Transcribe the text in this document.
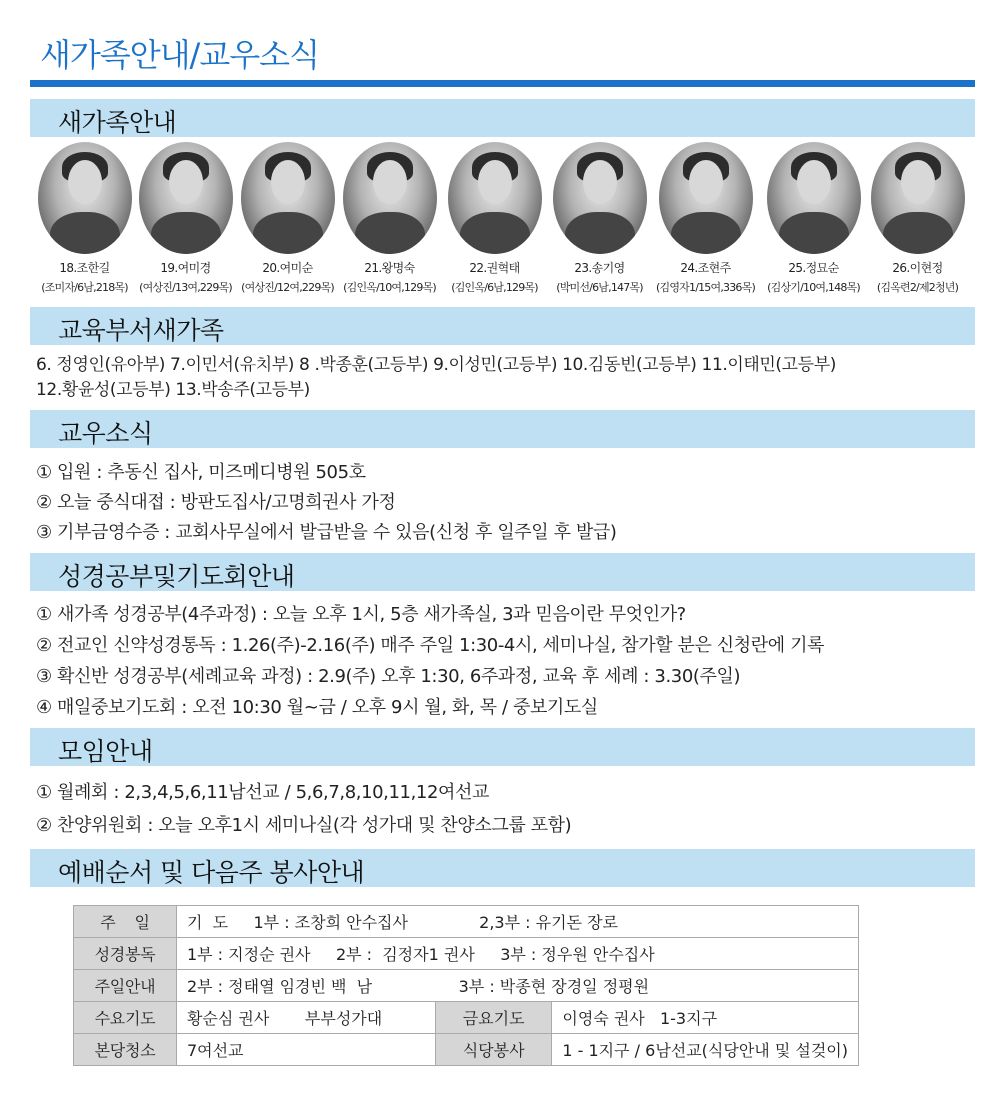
새가족안내/교우소식
새가족안내
18.조한길
(조미자/6남,218목)
19.여미경
(여상진/13여,229목)
20.여미순
(여상진/12여,229목)
21.왕명숙
(김인옥/10여,129목)
22.권혁태
(김인옥/6남,129목)
23.송기영
(박미선/6남,147목)
24.조현주
(김영자1/15여,336목)
25.정묘순
(김상기/10여,148목)
26.이현정
(김옥련2/제2청년)
교육부서새가족
6. 정영인(유아부) 7.이민서(유치부) 8 .박종훈(고등부) 9.이성민(고등부) 10.김동빈(고등부) 11.이태민(고등부)
12.황윤성(고등부) 13.박송주(고등부)
교우소식
① 입원 : 추동신 집사, 미즈메디병원 505호
② 오늘 중식대접 : 방판도집사/고명희권사 가정
③ 기부금영수증 : 교회사무실에서 발급받을 수 있음(신청 후 일주일 후 발급)
성경공부및기도회안내
① 새가족 성경공부(4주과정) : 오늘 오후 1시, 5층 새가족실, 3과 믿음이란 무엇인가?
② 전교인 신약성경통독 : 1.26(주)-2.16(주) 매주 주일 1:30-4시, 세미나실, 참가할 분은 신청란에 기록
③ 확신반 성경공부(세례교육 과정) : 2.9(주) 오후 1:30, 6주과정, 교육 후 세례 : 3.30(주일)
④ 매일중보기도회 : 오전 10:30 월~금 / 오후 9시 월, 화, 목 / 중보기도실
모임안내
① 월례회 : 2,3,4,5,6,11남선교 / 5,6,7,8,10,11,12여선교
② 찬양위원회 : 오늘 오후1시 세미나실(각 성가대 및 찬양소그룹 포함)
예배순서 및 다음주 봉사안내
주    일	기  도     1부 : 조창희 안수집사              2,3부 : 유기돈 장로		
성경봉독	1부 : 지정순 권사     2부 :  김정자1 권사     3부 : 정우원 안수집사		
주일안내	2부 : 정태열 임경빈 백  남                 3부 : 박종현 장경일 정평원		
수요기도	황순심 권사       부부성가대	금요기도	이영숙 권사   1-3지구
본당청소	7여선교	식당봉사	1 - 1지구 / 6남선교(식당안내 및 설겆이)
